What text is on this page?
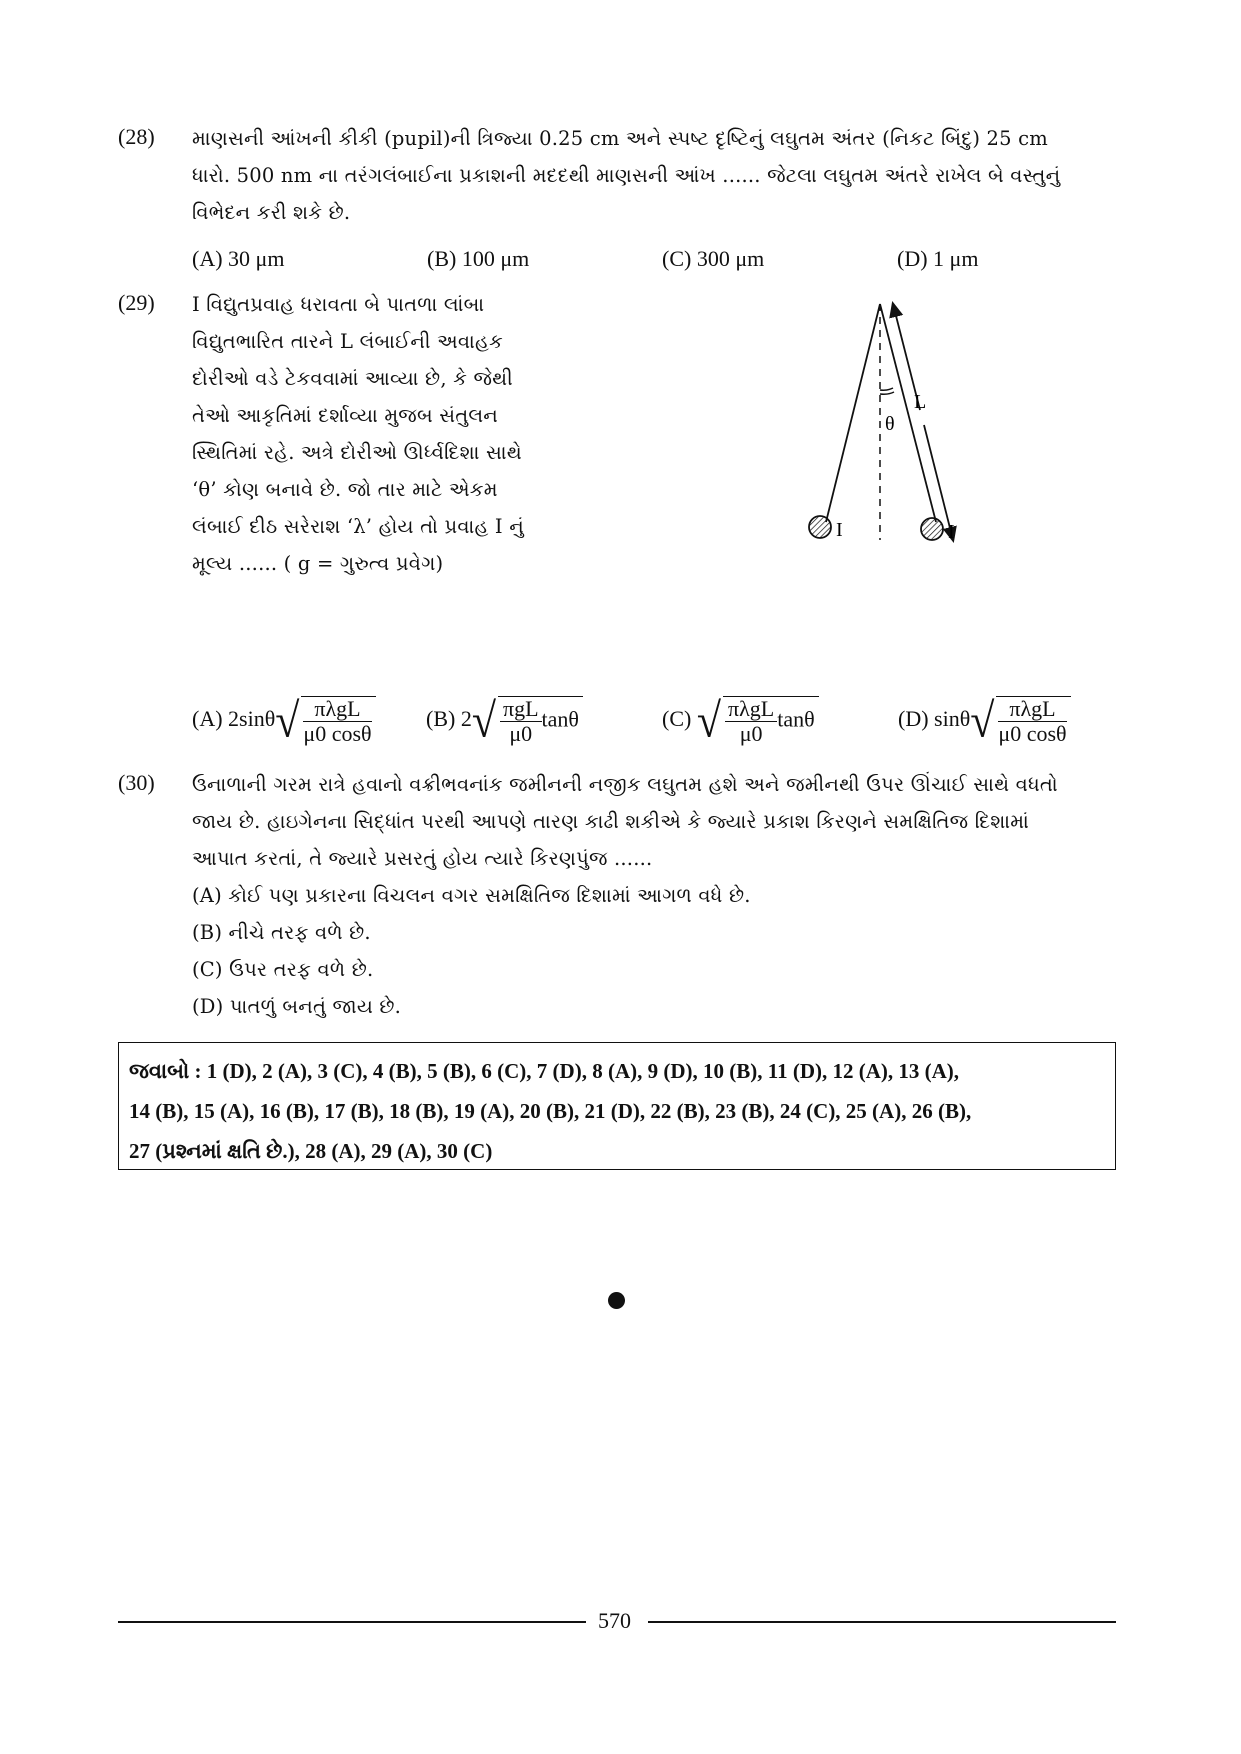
(28) માણસની આંખની કીકી (pupil)ની ત્રિજ્યા 0.25 cm અને સ્પષ્ટ દૃષ્ટિનું લઘુતમ અંતર (નિકટ બિંદુ) 25 cm
ધારો. 500 nm ના તરંગલંબાઈના પ્રકાશની મદદથી માણસની આંખ ...... જેટલા લઘુતમ અંતરે રાખેલ બે વસ્તુનું
વિભેદન કરી શકે છે.
(A) 30 μm	(B) 100 μm	(C) 300 μm	(D) 1 μm
(29) I વિદ્યુતપ્રવાહ ધરાવતા બે પાતળા લાંબા
વિદ્યુતભારિત તારને L લંબાઈની અવાહક
દોરીઓ વડે ટેકવવામાં આવ્યા છે, કે જેથી
તેઓ આકૃતિમાં દર્શાવ્યા મુજબ સંતુલન
સ્થિતિમાં રહે. અત્રે દોરીઓ ઊર્ધ્વદિશા સાથે
‘θ’ કોણ બનાવે છે. જો તાર માટે એકમ
લંબાઈ દીઠ સરેરાશ ‘λ’ હોય તો પ્રવાહ I નું
મૂલ્ય ...... ( g = ગુરુત્વ પ્રવેગ)
θ
L
I	I
(A) $2\sin\theta√ \frac{\text{πλgL}}{\mu 0 \cos\theta} (B)$ $2√ \frac{\text{πgL}}{\mu 0}$ tanθ	(C) √ $\frac{\text{πλgL}}{\mu 0}$ tanθ	(D) $\sin\theta√ \frac{\text{πλgL}}{\mu 0 \cos\theta}$
(30) ઉનાળાની ગરમ રાત્રે હવાનો વક્રીભવનાંક જમીનની નજીક લઘુતમ હશે અને જમીનથી ઉપર ઊંચાઈ સાથે વધતો
જાય છે. હાઇગેનના સિદ્ધાંત પરથી આપણે તારણ કાઢી શકીએ કે જ્યારે પ્રકાશ કિરણને સમક્ષિતિજ દિશામાં
આપાત કરતાં, તે જ્યારે પ્રસરતું હોય ત્યારે કિરણપુંજ ......
(A) કોઈ પણ પ્રકારના વિચલન વગર સમક્ષિતિજ દિશામાં આગળ વધે છે.
(B) નીચે તરફ વળે છે.
(C) ઉપર તરફ વળે છે.
(D) પાતળું બનતું જાય છે.
જવાબો : 1 (D), 2 (A), 3 (C), 4 (B), 5 (B), 6 (C), 7 (D), 8 (A), 9 (D), 10 (B), 11 (D), 12 (A), 13 (A),
14 (B), 15 (A), 16 (B), 17 (B), 18 (B), 19 (A), 20 (B), 21 (D), 22 (B), 23 (B), 24 (C), 25 (A), 26 (B),
27 (પ્રશ્નમાં ક્ષતિ છે.), 28 (A), 29 (A), 30 (C)
570
